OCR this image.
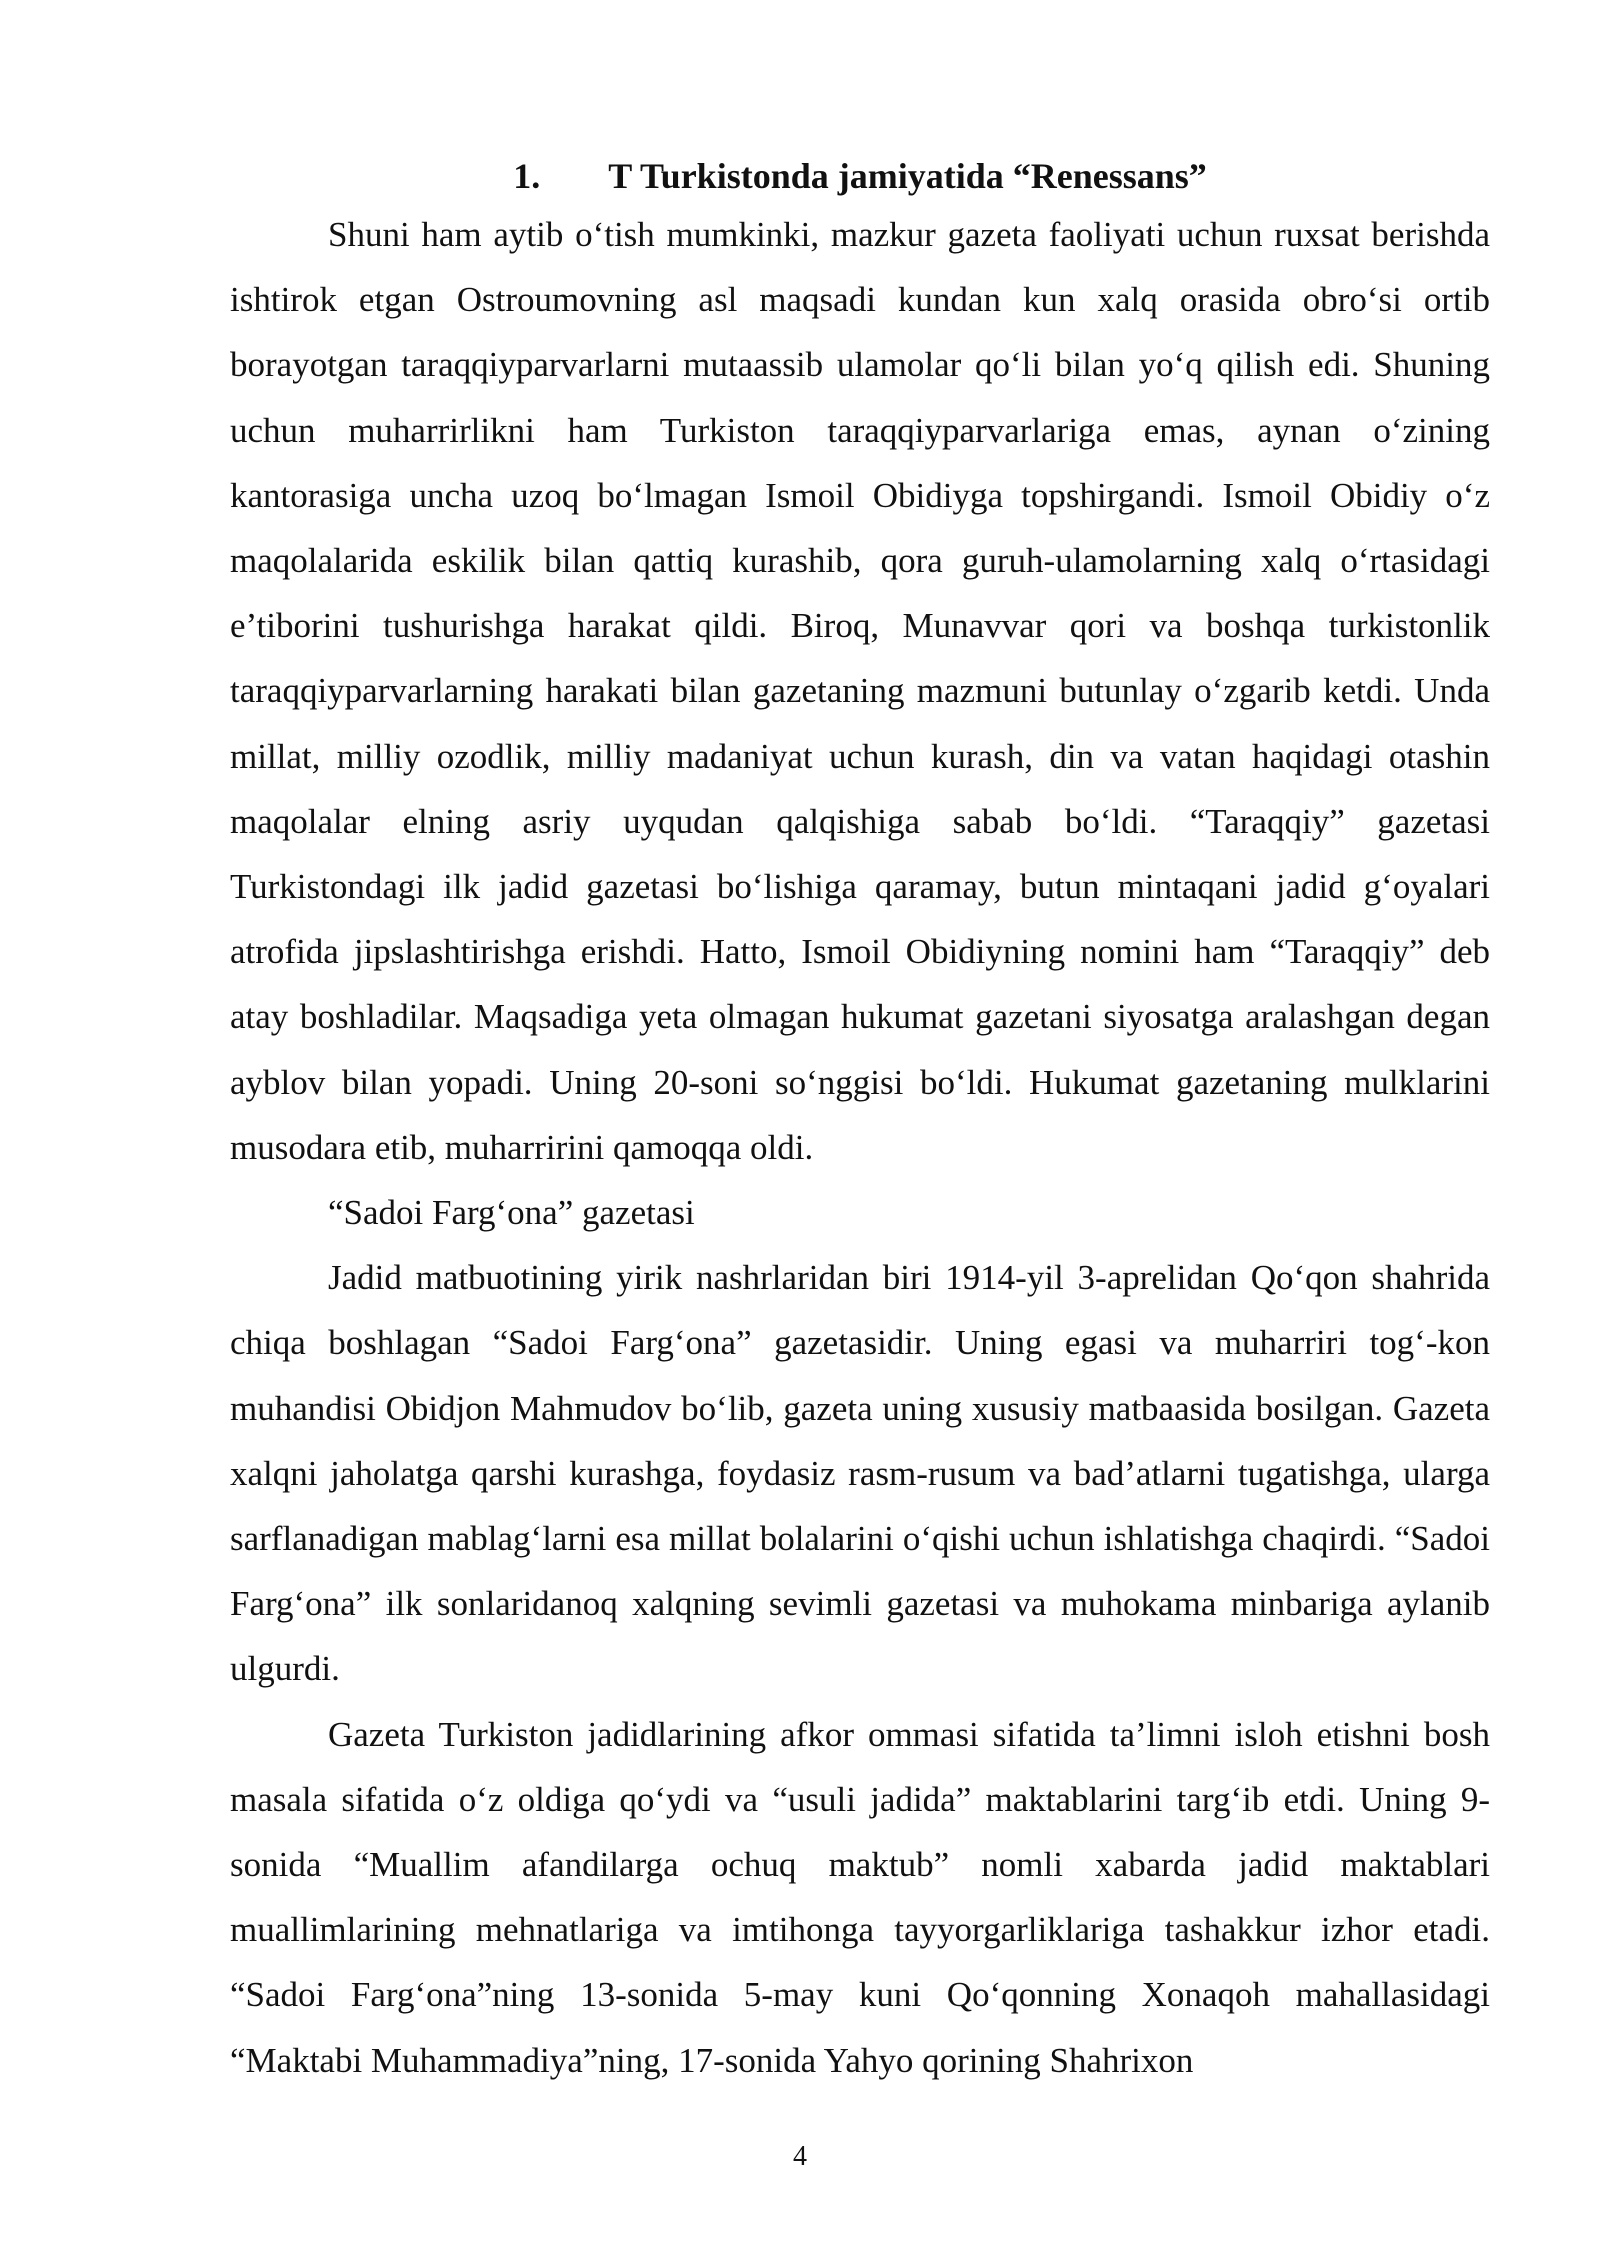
1. T Turkistonda jamiyatida “Renessans”

Shuni ham aytib o‘tish mumkinki, mazkur gazeta faoliyati uchun ruxsat berishda ishtirok etgan Ostroumovning asl maqsadi kundan kun xalq orasida obro‘si ortib borayotgan taraqqiyparvarlarni mutaassib ulamolar qo‘li bilan yo‘q qilish edi. Shuning uchun muharrirlikni ham Turkiston taraqqiyparvarlariga emas, aynan o‘zining kantorasiga uncha uzoq bo‘lmagan Ismoil Obidiyga topshirgandi. Ismoil Obidiy o‘z maqolalarida eskilik bilan qattiq kurashib, qora guruh-ulamolarning xalq o‘rtasidagi e’tiborini tushurishga harakat qildi. Biroq, Munavvar qori va boshqa turkistonlik taraqqiyparvarlarning harakati bilan gazetaning mazmuni butunlay o‘zgarib ketdi. Unda millat, milliy ozodlik, milliy madaniyat uchun kurash, din va vatan haqidagi otashin maqolalar elning asriy uyqudan qalqishiga sabab bo‘ldi. “Taraqqiy” gazetasi Turkistondagi ilk jadid gazetasi bo‘lishiga qaramay, butun mintaqani jadid g‘oyalari atrofida jipslashtirishga erishdi. Hatto, Ismoil Obidiyning nomini ham “Taraqqiy” deb atay boshladilar. Maqsadiga yeta olmagan hukumat gazetani siyosatga aralashgan degan ayblov bilan yopadi. Uning 20-soni so‘nggisi bo‘ldi. Hukumat gazetaning mulklarini musodara etib, muharririni qamoqqa oldi.

“Sadoi Farg‘ona” gazetasi

Jadid matbuotining yirik nashrlaridan biri 1914-yil 3-aprelidan Qo‘qon shahrida chiqa boshlagan “Sadoi Farg‘ona” gazetasidir. Uning egasi va muharriri tog‘-kon muhandisi Obidjon Mahmudov bo‘lib, gazeta uning xususiy matbaasida bosilgan. Gazeta xalqni jaholatga qarshi kurashga, foydasiz rasm-rusum va bad’atlarni tugatishga, ularga sarflanadigan mablag‘larni esa millat bolalarini o‘qishi uchun ishlatishga chaqirdi. “Sadoi Farg‘ona” ilk sonlaridanoq xalqning sevimli gazetasi va muhokama minbariga aylanib ulgurdi.

Gazeta Turkiston jadidlarining afkor ommasi sifatida ta’limni isloh etishni bosh masala sifatida o‘z oldiga qo‘ydi va “usuli jadida” maktablarini targ‘ib etdi. Uning 9-sonida “Muallim afandilarga ochuq maktub” nomli xabarda jadid maktablari muallimlarining mehnatlariga va imtihonga tayyorgarliklariga tashakkur izhor etadi. “Sadoi Farg‘ona”ning 13-sonida 5-may kuni Qo‘qonning Xonaqoh mahallasidagi “Maktabi Muhammadiya”ning, 17-sonida Yahyo qorining Shahrixon

4
